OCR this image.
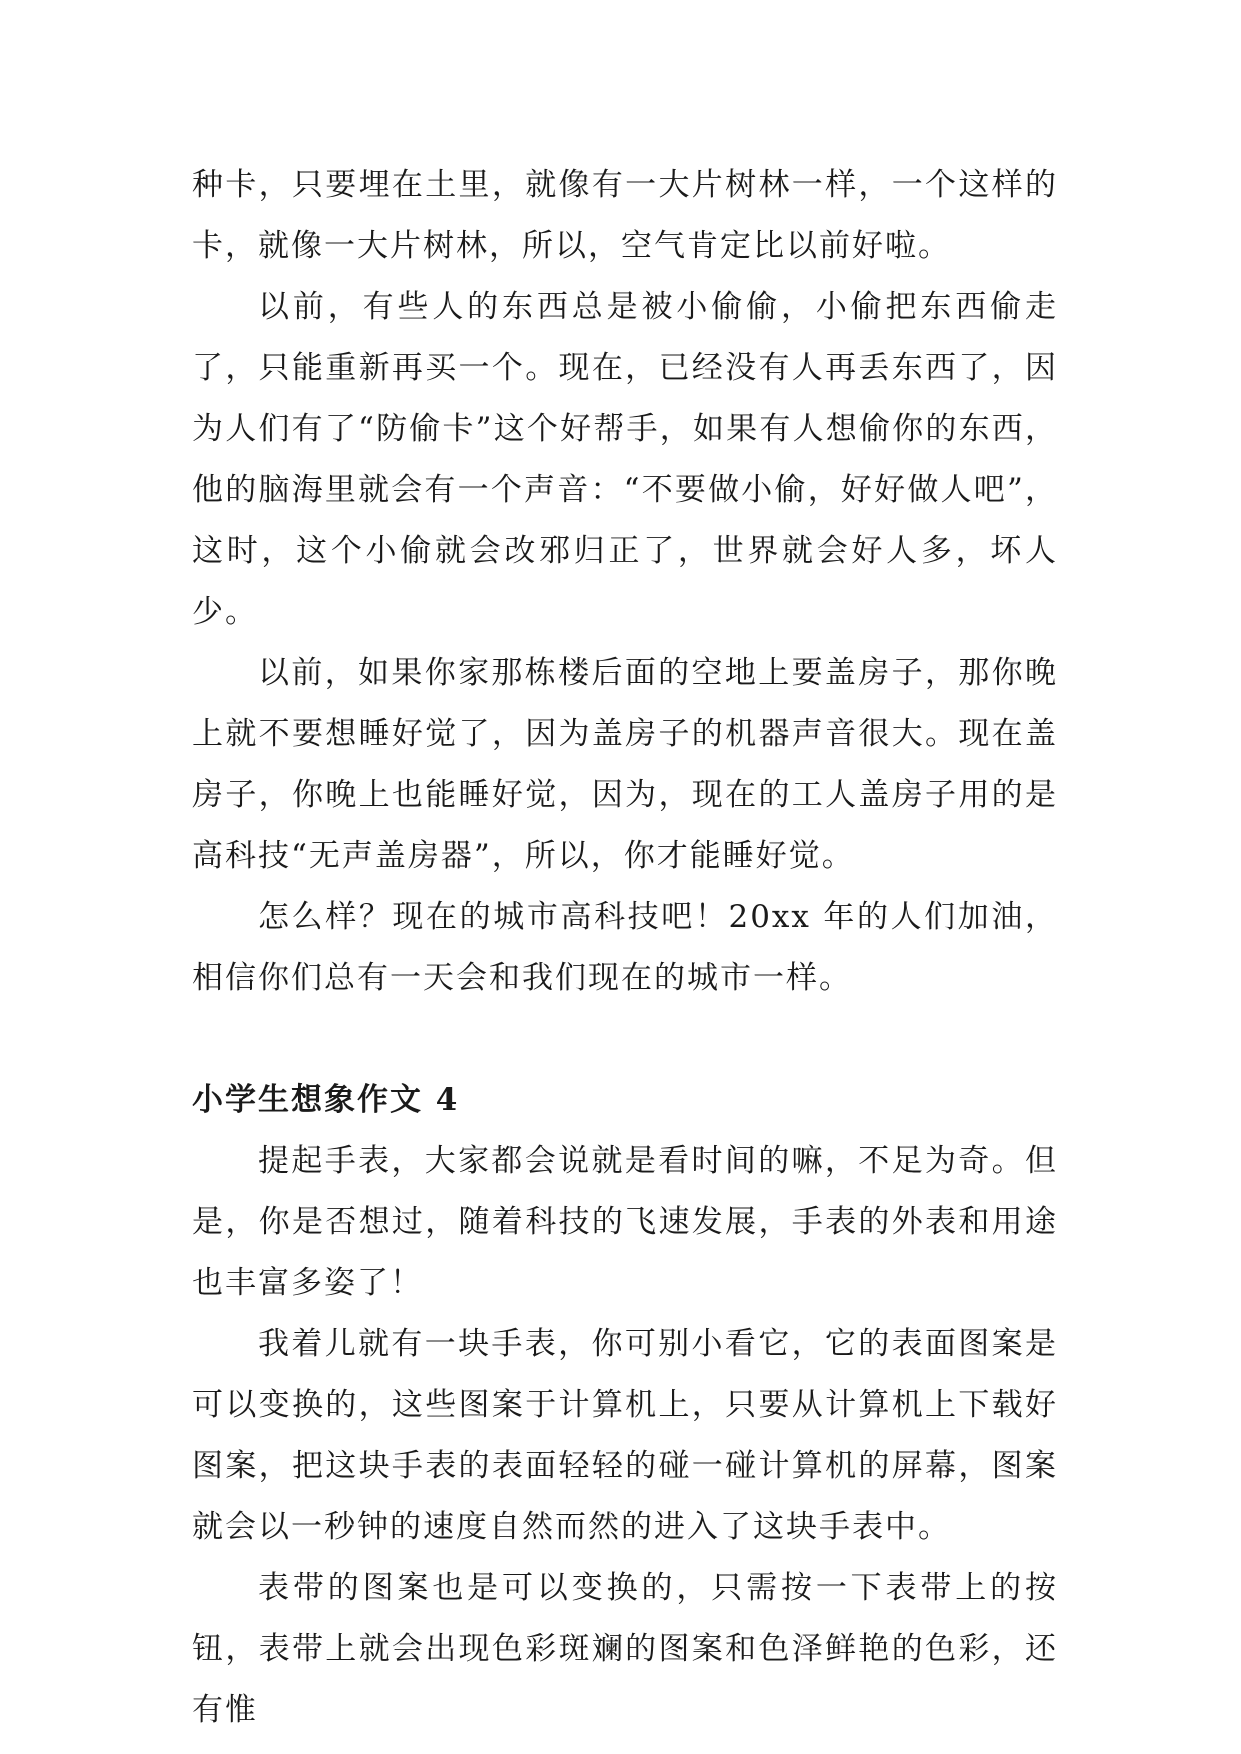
种卡，只要埋在土里，就像有一大片树林一样，一个这样的卡，就像一大片树林，所以，空气肯定比以前好啦。

以前，有些人的东西总是被小偷偷，小偷把东西偷走了，只能重新再买一个。现在，已经没有人再丢东西了，因为人们有了“防偷卡”这个好帮手，如果有人想偷你的东西，他的脑海里就会有一个声音：“不要做小偷，好好做人吧”，这时，这个小偷就会改邪归正了，世界就会好人多，坏人少。

以前，如果你家那栋楼后面的空地上要盖房子，那你晚上就不要想睡好觉了，因为盖房子的机器声音很大。现在盖房子，你晚上也能睡好觉，因为，现在的工人盖房子用的是高科技“无声盖房器”，所以，你才能睡好觉。

怎么样？现在的城市高科技吧！20xx 年的人们加油，相信你们总有一天会和我们现在的城市一样。

小学生想象作文 4

提起手表，大家都会说就是看时间的嘛，不足为奇。但是，你是否想过，随着科技的飞速发展，手表的外表和用途也丰富多姿了！

我着儿就有一块手表，你可别小看它，它的表面图案是可以变换的，这些图案于计算机上，只要从计算机上下载好图案，把这块手表的表面轻轻的碰一碰计算机的屏幕，图案就会以一秒钟的速度自然而然的进入了这块手表中。

表带的图案也是可以变换的，只需按一下表带上的按钮，表带上就会出现色彩斑斓的图案和色泽鲜艳的色彩，还有惟
